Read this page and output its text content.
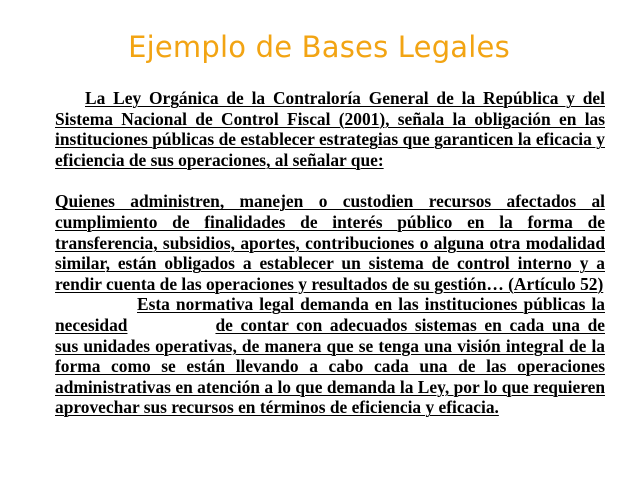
Ejemplo de Bases Legales

La Ley Orgánica de la Contraloría General de la República y del Sistema Nacional de Control Fiscal (2001), señala la obligación en las instituciones públicas de establecer estrategias que garanticen la eficacia y eficiencia de sus operaciones, al señalar que:

Quienes administren, manejen o custodien recursos afectados al cumplimiento de finalidades de interés público en la forma de transferencia, subsidios, aportes, contribuciones o alguna otra modalidad similar, están obligados a establecer un sistema de control interno y a rendir cuenta de las operaciones y resultados de su gestión… (Artículo 52)

Esta normativa legal demanda en las instituciones públicas la necesidad	de contar con adecuados sistemas en cada una de sus unidades operativas, de manera que se tenga una visión integral de la forma como se están llevando a cabo cada una de las operaciones administrativas en atención a lo que demanda la Ley, por lo que requieren aprovechar sus recursos en términos de eficiencia y eficacia.
